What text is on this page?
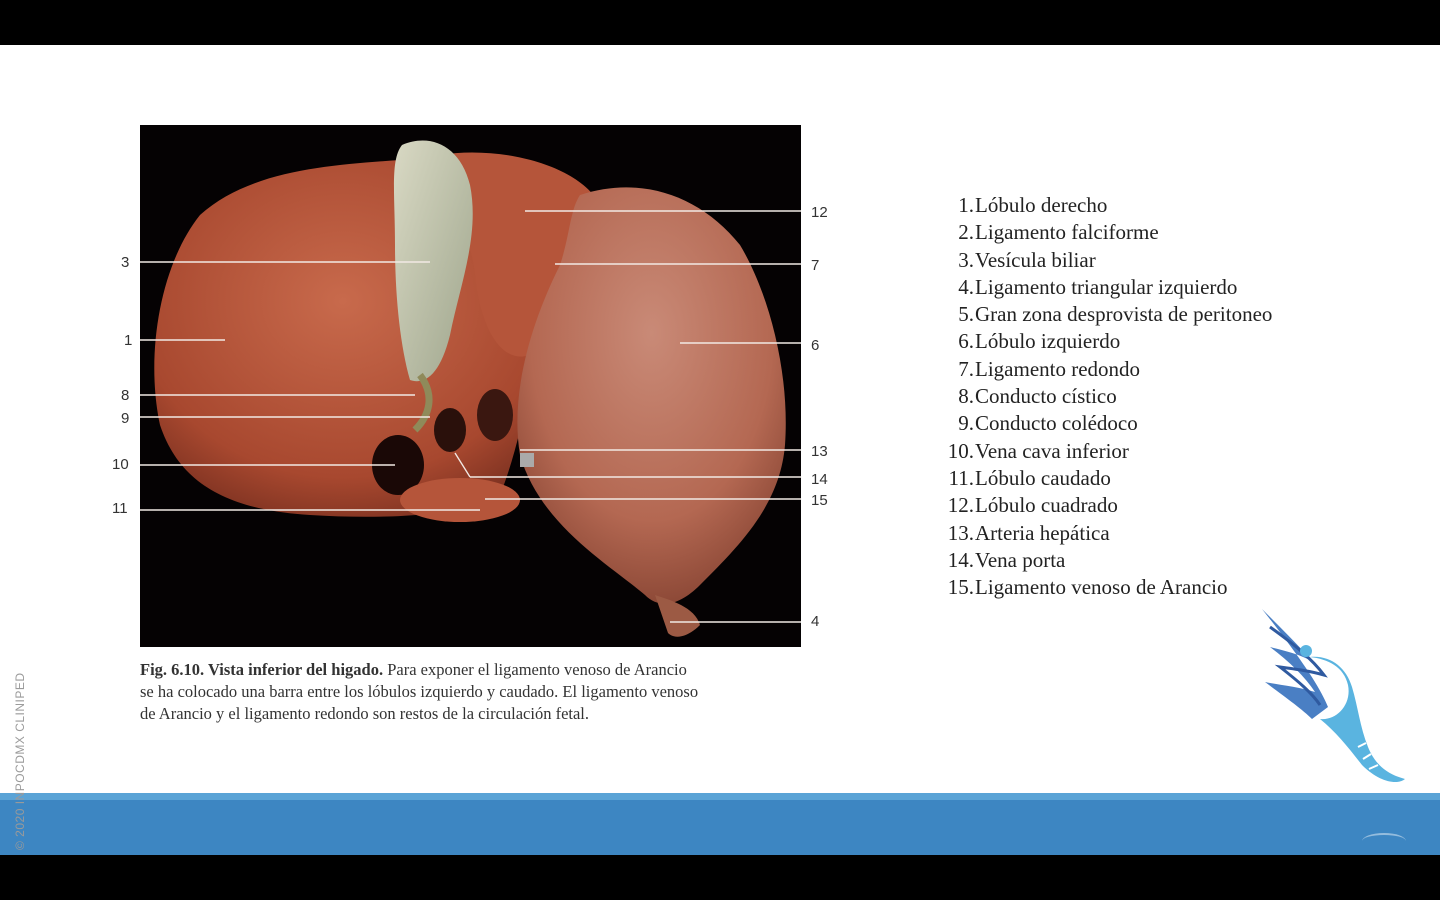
12
7
6
13
14
15
4
3
1
8
9
10
11
Fig. 6.10. Vista inferior del higado. Para exponer el ligamento venoso de Arancio
se ha colocado una barra entre los lóbulos izquierdo y caudado. El ligamento venoso
de Arancio y el ligamento redondo son restos de la circulación fetal.
1. Lóbulo derecho
2. Ligamento falciforme
3. Vesícula biliar
4. Ligamento triangular izquierdo
5. Gran zona desprovista de peritoneo
6. Lóbulo izquierdo
7. Ligamento redondo
8. Conducto cístico
9. Conducto colédoco
10. Vena cava inferior
11. Lóbulo caudado
12. Lóbulo cuadrado
13. Arteria hepática
14. Vena porta
15. Ligamento venoso de Arancio
© 2020 INPOCDMX CLINIPED
